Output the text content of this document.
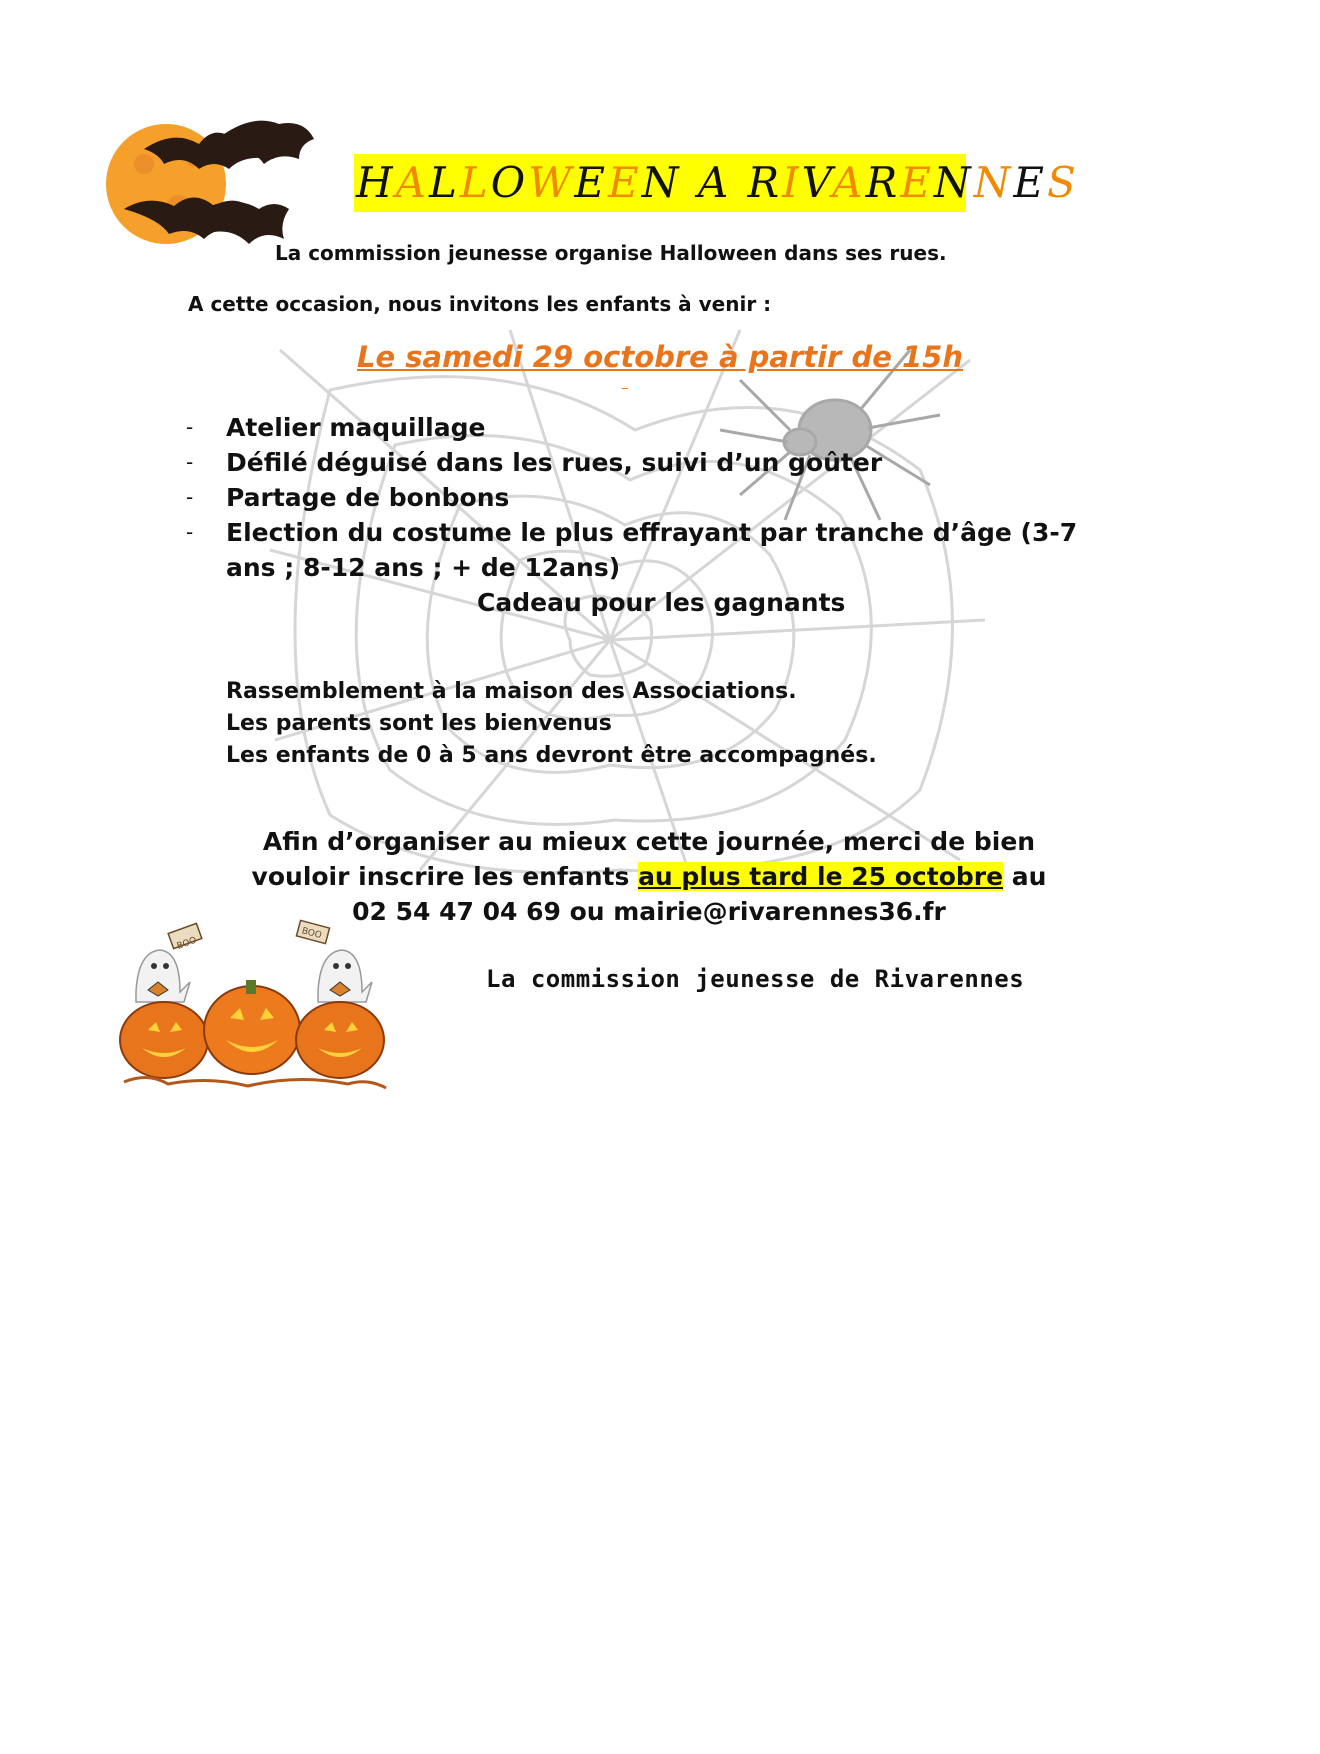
HALLOWEEN A RIVARENNES
La commission jeunesse organise Halloween dans ses rues.
A cette occasion, nous invitons les enfants à venir :
Le samedi 29 octobre à partir de 15h
- Atelier maquillage
- Défilé déguisé dans les rues, suivi d’un goûter
- Partage de bonbons
- Election du costume le plus effrayant par tranche d’âge (3-7 ans ; 8-12 ans ; + de 12ans)
Cadeau pour les gagnants
Rassemblement à la maison des Associations.
Les parents sont les bienvenus
Les enfants de 0 à 5 ans devront être accompagnés.
Afin d’organiser au mieux cette journée, merci de bien
vouloir inscrire les enfants au plus tard le 25 octobre au
02 54 47 04 69 ou mairie@rivarennes36.fr
BOO
BOO
La commission jeunesse de Rivarennes
